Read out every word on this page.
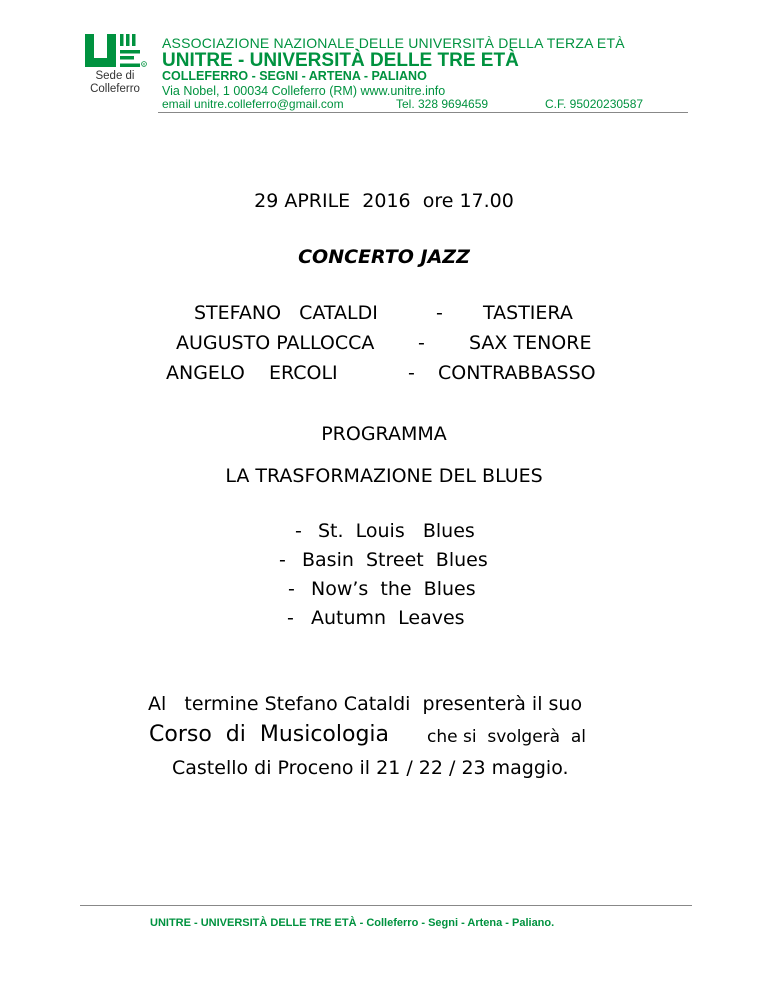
R
Sede di
Colleferro
ASSOCIAZIONE NAZIONALE DELLE UNIVERSITÀ DELLA TERZA ETÀ
UNITRE - UNIVERSITÀ DELLE TRE ETÀ
COLLEFERRO - SEGNI - ARTENA - PALIANO
Via Nobel, 1 00034 Colleferro (RM) www.unitre.info
email unitre.colleferro@gmail.com	Tel. 328 9694659	C.F. 95020230587
29 APRILE  2016  ore 17.00
CONCERTO JAZZ
STEFANO   CATALDI	- TASTIERA
AUGUSTO PALLOCCA - SAX TENORE
ANGELO    ERCOLI	- CONTRABBASSO
PROGRAMMA
LA TRASFORMAZIONE DEL BLUES
- St.  Louis   Blues
- Basin  Street  Blues
- Now’s  the  Blues
- Autumn  Leaves
Al   termine Stefano Cataldi  presenterà il suo
Corso  di  Musicologia che si  svolgerà  al
Castello di Proceno il 21 / 22 / 23 maggio.
UNITRE - UNIVERSITÀ DELLE TRE ETÀ - Colleferro - Segni - Artena - Paliano.
